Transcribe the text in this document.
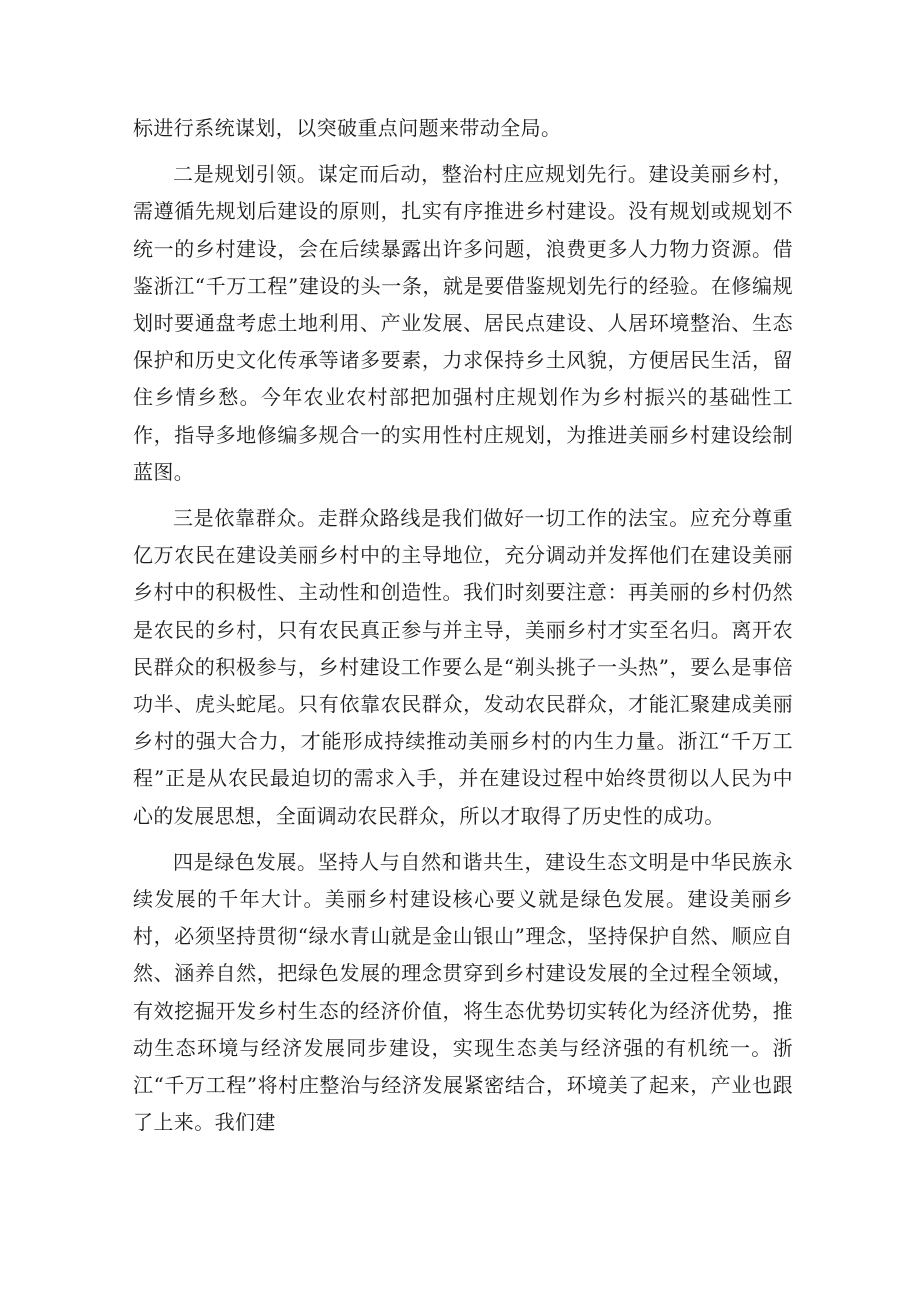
标进行系统谋划，以突破重点问题来带动全局。

二是规划引领。谋定而后动，整治村庄应规划先行。建设美丽乡村，需遵循先规划后建设的原则，扎实有序推进乡村建设。没有规划或规划不统一的乡村建设，会在后续暴露出许多问题，浪费更多人力物力资源。借鉴浙江“千万工程”建设的头一条，就是要借鉴规划先行的经验。在修编规划时要通盘考虑土地利用、产业发展、居民点建设、人居环境整治、生态保护和历史文化传承等诸多要素，力求保持乡土风貌，方便居民生活，留住乡情乡愁。今年农业农村部把加强村庄规划作为乡村振兴的基础性工作，指导多地修编多规合一的实用性村庄规划，为推进美丽乡村建设绘制蓝图。

三是依靠群众。走群众路线是我们做好一切工作的法宝。应充分尊重亿万农民在建设美丽乡村中的主导地位，充分调动并发挥他们在建设美丽乡村中的积极性、主动性和创造性。我们时刻要注意：再美丽的乡村仍然是农民的乡村，只有农民真正参与并主导，美丽乡村才实至名归。离开农民群众的积极参与，乡村建设工作要么是“剃头挑子一头热”，要么是事倍功半、虎头蛇尾。只有依靠农民群众，发动农民群众，才能汇聚建成美丽乡村的强大合力，才能形成持续推动美丽乡村的内生力量。浙江“千万工程”正是从农民最迫切的需求入手，并在建设过程中始终贯彻以人民为中心的发展思想，全面调动农民群众，所以才取得了历史性的成功。

四是绿色发展。坚持人与自然和谐共生，建设生态文明是中华民族永续发展的千年大计。美丽乡村建设核心要义就是绿色发展。建设美丽乡村，必须坚持贯彻“绿水青山就是金山银山”理念，坚持保护自然、顺应自然、涵养自然，把绿色发展的理念贯穿到乡村建设发展的全过程全领域，有效挖掘开发乡村生态的经济价值，将生态优势切实转化为经济优势，推动生态环境与经济发展同步建设，实现生态美与经济强的有机统一。浙江“千万工程”将村庄整治与经济发展紧密结合，环境美了起来，产业也跟了上来。我们建
